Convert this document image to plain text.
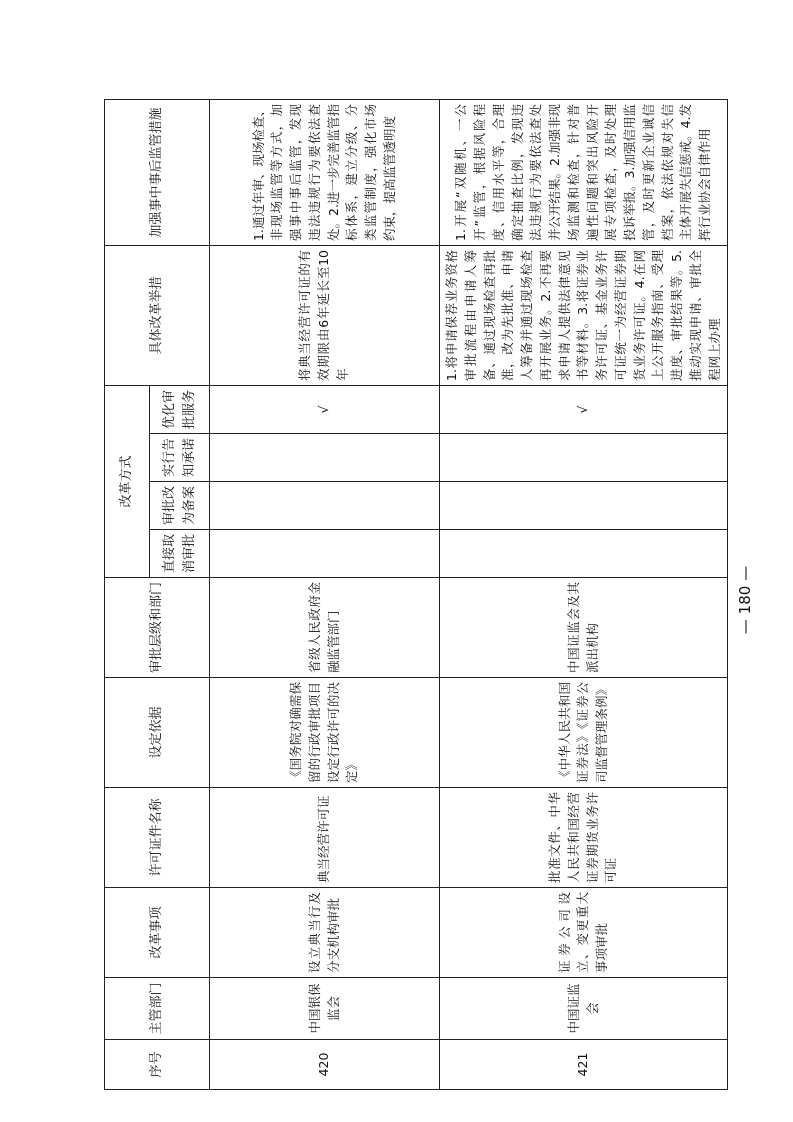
序号	主管部门	改革事项	许可证件名称	设定依据	审批层级和部门	改革方式				具体改革举措	加强事中事后监管措施
						直接取消审批	审批改为备案	实行告知承诺	优化审批服务		
420	中国银保监会	设立典当行及分支机构审批	典当经营许可证	《国务院对确需保留的行政审批项目设定行政许可的决定》	省级人民政府金融监管部门				√	将典当经营许可证的有效期限由6年延长至10年	1.通过年审、现场检查、非现场监管等方式，加强事中事后监管，发现违法违规行为要依法查处。2.进一步完善监管指标体系，建立分级、分类监管制度，强化市场约束，提高监管透明度
421	中国证监会	证券公司设立、变更重大事项审批	批准文件、中华人民共和国经营证券期货业务许可证	《中华人民共和国证券法》《证券公司监督管理条例》	中国证监会及其派出机构				√	1.将申请保荐业务资格审批流程由申请人筹备、通过现场检查再批准，改为先批准、申请人筹备并通过现场检查再开展业务。2.不再要求申请人提供法律意见书等材料。3.将证券业务许可证、基金业务许可证统一为经营证券期货业务许可证。4.在网上公开服务指南、受理进度、审批结果等。5.推动实现申请、审批全程网上办理	1.开展“双随机、一公开”监管，根据风险程度、信用水平等，合理确定抽查比例，发现违法违规行为要依法查处并公开结果。2.加强非现场监测和检查，针对普遍性问题和突出风险开展专项检查，及时处理投诉举报。3.加强信用监管，及时更新企业诚信档案，依法依规对失信主体开展失信惩戒。4.发挥行业协会自律作用
— 180 —
